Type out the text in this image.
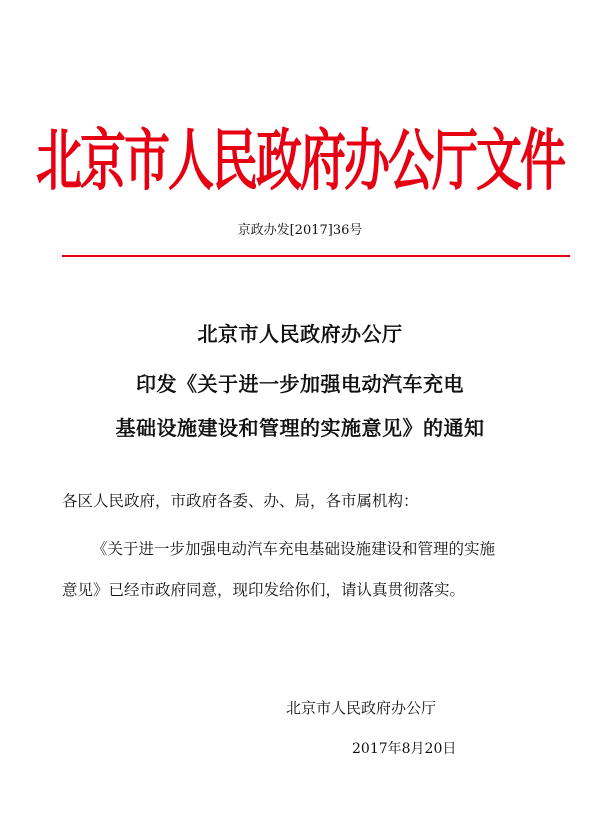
北京市人民政府办公厅文件
京政办发[2017]36号
北京市人民政府办公厅
印发《关于进一步加强电动汽车充电
基础设施建设和管理的实施意见》的通知
各区人民政府，市政府各委、办、局，各市属机构：
《关于进一步加强电动汽车充电基础设施建设和管理的实施
意见》已经市政府同意，现印发给你们，请认真贯彻落实。
北京市人民政府办公厅
2017年8月20日
